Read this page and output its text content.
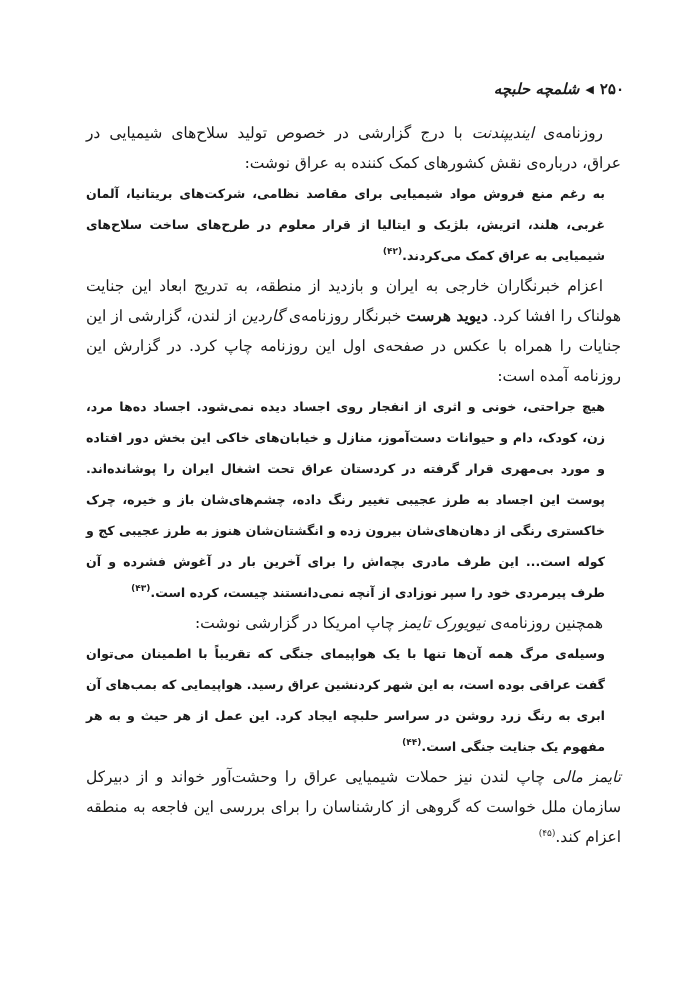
۲۵۰
◀
شلمچه حلبچه

روزنامه‌ی ایندیپندنت با درج گزارشی در خصوص تولید سلاح‌های شیمیایی در عراق، درباره‌ی نقش کشورهای کمک کننده به عراق نوشت:

به رغم منع فروش مواد شیمیایی برای مقاصد نظامی، شرکت‌های بریتانیا، آلمان غربی، هلند، اتریش، بلژیک و ایتالیا از قرار معلوم در طرح‌های ساخت سلاح‌های شیمیایی به عراق کمک می‌کردند.$^{(۴۲)}$

اعزام خبرنگاران خارجی به ایران و بازدید از منطقه، به تدریج ابعاد این جنایت هولناک را افشا کرد. دیوید هرست خبرنگار روزنامه‌ی گاردین از لندن، گزارشی از این جنایات را همراه با عکس در صفحه‌ی اول این روزنامه چاپ کرد. در گزارش این روزنامه آمده است:

هیچ جراحتی، خونی و اثری از انفجار روی اجساد دیده نمی‌شود. اجساد ده‌ها مرد، زن، کودک، دام و حیوانات دست‌آموز، منازل و خیابان‌های خاکی این بخش دور افتاده و مورد بی‌مهری قرار گرفته در کردستان عراق تحت اشغال ایران را پوشانده‌اند. پوست این اجساد به طرز عجیبی تغییر رنگ داده، چشم‌های‌شان باز و خیره، چرک خاکستری رنگی از دهان‌های‌شان بیرون زده و انگشتان‌شان هنوز به طرز عجیبی کج و کوله است... این طرف مادری بچه‌اش را برای آخرین بار در آغوش فشرده و آن طرف پیرمردی خود را سپر نوزادی از آنچه نمی‌دانستند چیست، کرده است.$^{(۴۳)}$

همچنین روزنامه‌ی نیویورک تایمز چاپ امریکا در گزارشی نوشت:

وسیله‌ی مرگ همه آن‌ها تنها با یک هواپیمای جنگی که تقریباً با اطمینان می‌توان گفت عراقی بوده است، به این شهر کردنشین عراق رسید. هواپیمایی که بمب‌های آن ابری به رنگ زرد روشن در سراسر حلبچه ایجاد کرد. این عمل از هر حیث و به هر مفهوم یک جنایت جنگی است.$^{(۴۴)}$

تایمز مالی چاپ لندن نیز حملات شیمیایی عراق را وحشت‌آور خواند و از دبیرکل سازمان ملل خواست که گروهی از کارشناسان را برای بررسی این فاجعه به منطقه اعزام کند.$^{(۴۵)}$
